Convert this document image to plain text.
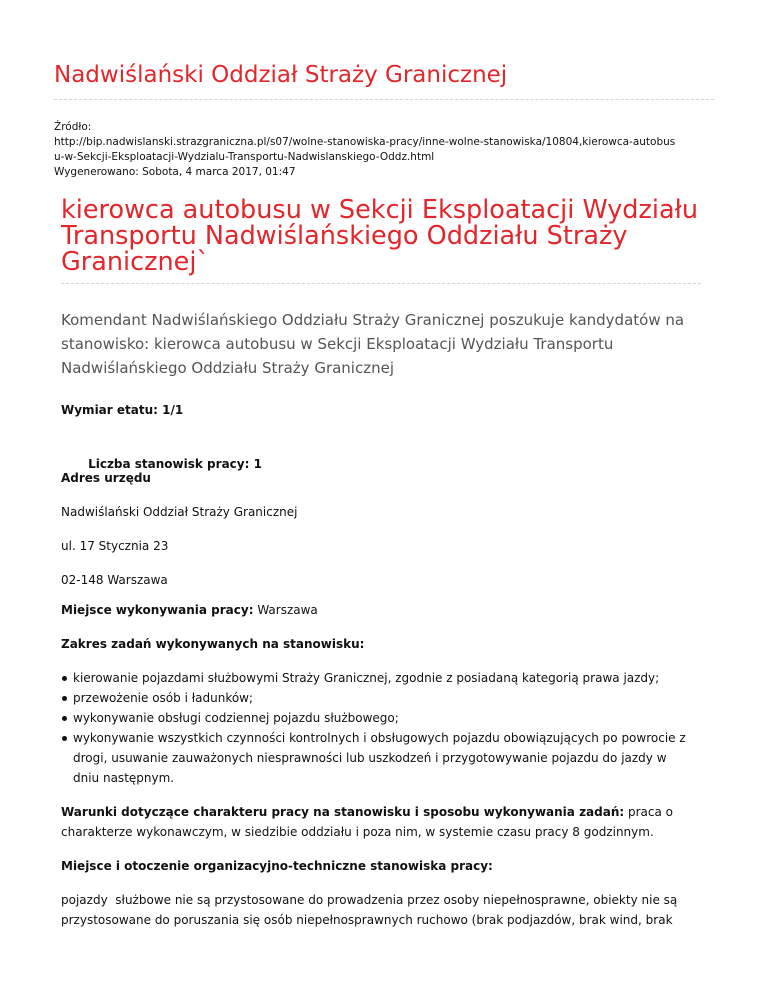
Nadwiślański Oddział Straży Granicznej
Źródło:
http://bip.nadwislanski.strazgraniczna.pl/s07/wolne-stanowiska-pracy/inne-wolne-stanowiska/10804,kierowca-autobus
u-w-Sekcji-Eksploatacji-Wydzialu-Transportu-Nadwislanskiego-Oddz.html
Wygenerowano: Sobota, 4 marca 2017, 01:47
kierowca autobusu w Sekcji Eksploatacji Wydziału
Transportu Nadwiślańskiego Oddziału Straży
Granicznej`
Komendant Nadwiślańskiego Oddziału Straży Granicznej poszukuje kandydatów na
stanowisko: kierowca autobusu w Sekcji Eksploatacji Wydziału Transportu
Nadwiślańskiego Oddziału Straży Granicznej

Wymiar etatu: 1/1

Liczba stanowisk pracy: 1

Adres urzędu

Nadwiślański Oddział Straży Granicznej

ul. 17 Stycznia 23

02-148 Warszawa

Miejsce wykonywania pracy: Warszawa

Zakres zadań wykonywanych na stanowisku:

kierowanie pojazdami służbowymi Straży Granicznej, zgodnie z posiadaną kategorią prawa jazdy;
przewożenie osób i ładunków;
wykonywanie obsługi codziennej pojazdu służbowego;
wykonywanie wszystkich czynności kontrolnych i obsługowych pojazdu obowiązujących po powrocie z

drogi, usuwanie zauważonych niesprawności lub uszkodzeń i przygotowywanie pojazdu do jazdy w

dniu następnym.

Warunki dotyczące charakteru pracy na stanowisku i sposobu wykonywania zadań: praca o

charakterze wykonawczym, w siedzibie oddziału i poza nim, w systemie czasu pracy 8 godzinnym.

Miejsce i otoczenie organizacyjno-techniczne stanowiska pracy:

pojazdy  służbowe nie są przystosowane do prowadzenia przez osoby niepełnosprawne, obiekty nie są

przystosowane do poruszania się osób niepełnosprawnych ruchowo (brak podjazdów, brak wind, brak
